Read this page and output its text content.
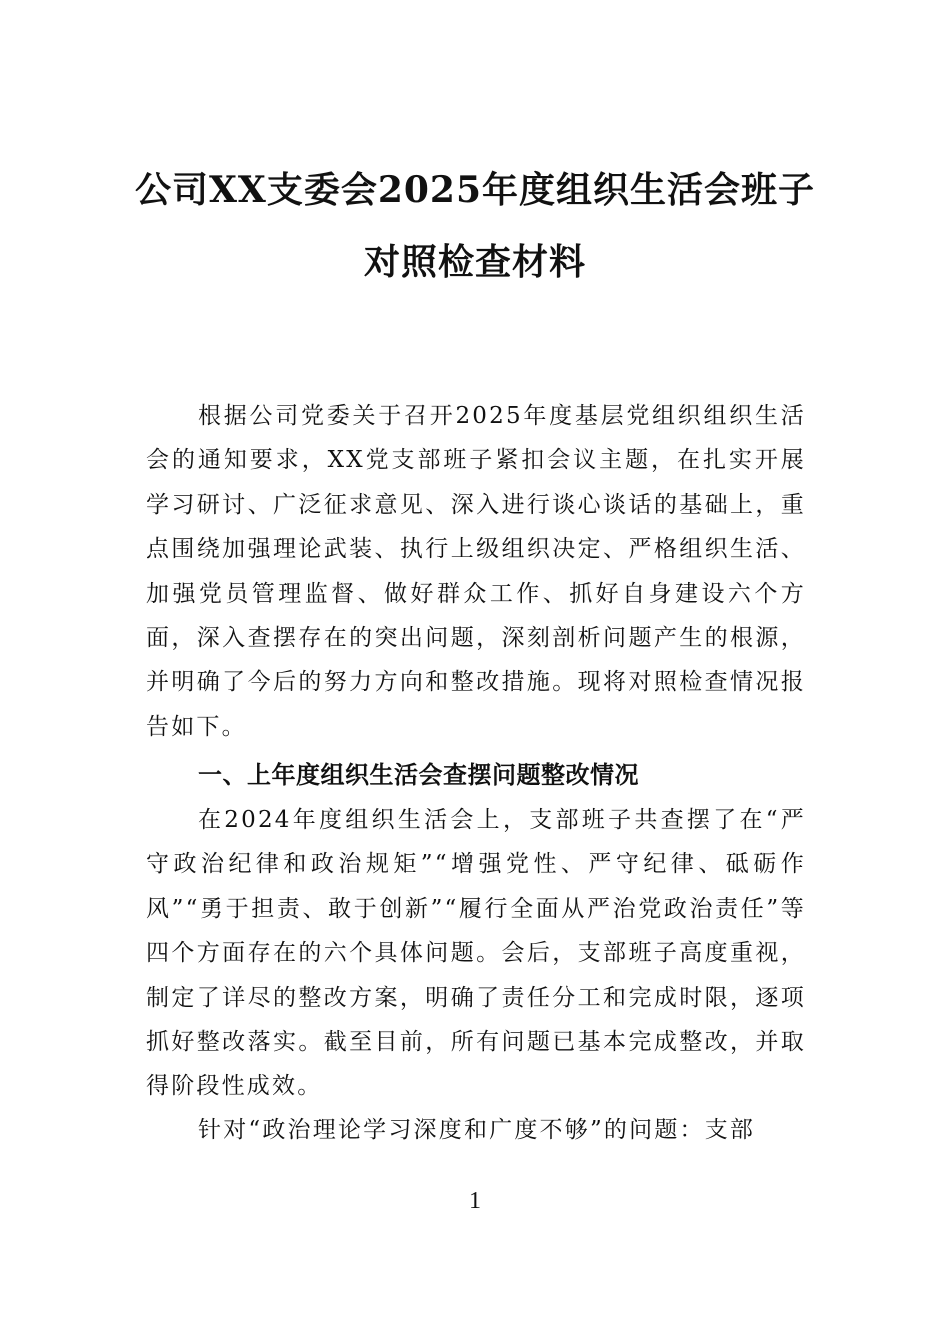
公司XX支委会2025年度组织生活会班子
对照检查材料

根据公司党委关于召开2025年度基层党组织组织生活会的通知要求，XX党支部班子紧扣会议主题，在扎实开展学习研讨、广泛征求意见、深入进行谈心谈话的基础上，重点围绕加强理论武装、执行上级组织决定、严格组织生活、加强党员管理监督、做好群众工作、抓好自身建设六个方面，深入查摆存在的突出问题，深刻剖析问题产生的根源，并明确了今后的努力方向和整改措施。现将对照检查情况报告如下。

一、上年度组织生活会查摆问题整改情况

在2024年度组织生活会上，支部班子共查摆了在“严守政治纪律和政治规矩”“增强党性、严守纪律、砥砺作风”“勇于担责、敢于创新”“履行全面从严治党政治责任”等四个方面存在的六个具体问题。会后，支部班子高度重视，制定了详尽的整改方案，明确了责任分工和完成时限，逐项抓好整改落实。截至目前，所有问题已基本完成整改，并取得阶段性成效。

针对“政治理论学习深度和广度不够”的问题：支部

1
